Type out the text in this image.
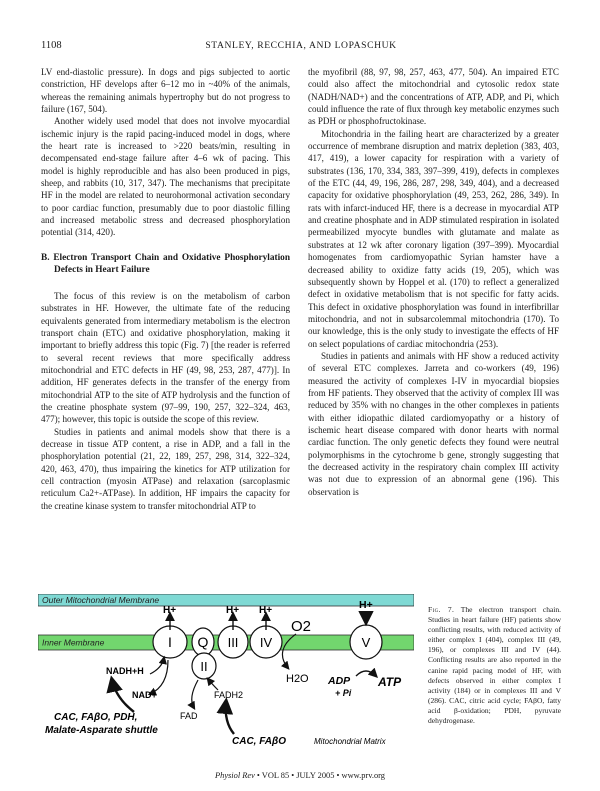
1108	STANLEY, RECCHIA, AND LOPASCHUK

LV end-diastolic pressure). In dogs and pigs subjected to aortic constriction, HF develops after 6–12 mo in ~40% of the animals, whereas the remaining animals hypertrophy but do not progress to failure (167, 504).

Another widely used model that does not involve myocardial ischemic injury is the rapid pacing-induced model in dogs, where the heart rate is increased to >220 beats/min, resulting in decompensated end-stage failure after 4–6 wk of pacing. This model is highly reproducible and has also been produced in pigs, sheep, and rabbits (10, 317, 347). The mechanisms that precipitate HF in the model are related to neurohormonal activation secondary to poor cardiac function, presumably due to poor diastolic filling and increased metabolic stress and decreased phosphorylation potential (314, 420).

B. Electron Transport Chain and Oxidative Phosphorylation Defects in Heart Failure

The focus of this review is on the metabolism of carbon substrates in HF. However, the ultimate fate of the reducing equivalents generated from intermediary metabolism is the electron transport chain (ETC) and oxidative phosphorylation, making it important to briefly address this topic (Fig. 7) [the reader is referred to several recent reviews that more specifically address mitochondrial and ETC defects in HF (49, 98, 253, 287, 477)]. In addition, HF generates defects in the transfer of the energy from mitochondrial ATP to the site of ATP hydrolysis and the function of the creatine phosphate system (97–99, 190, 257, 322–324, 463, 477); however, this topic is outside the scope of this review.

Studies in patients and animal models show that there is a decrease in tissue ATP content, a rise in ADP, and a fall in the phosphorylation potential (21, 22, 189, 257, 298, 314, 322–324, 420, 463, 470), thus impairing the kinetics for ATP utilization for cell contraction (myosin ATPase) and relaxation (sarcoplasmic reticulum Ca2+-ATPase). In addition, HF impairs the capacity for the creatine kinase system to transfer mitochondrial ATP to

the myofibril (88, 97, 98, 257, 463, 477, 504). An impaired ETC could also affect the mitochondrial and cytosolic redox state (NADH/NAD+) and the concentrations of ATP, ADP, and Pi, which could influence the rate of flux through key metabolic enzymes such as PDH or phosphofructokinase.

Mitochondria in the failing heart are characterized by a greater occurrence of membrane disruption and matrix depletion (383, 403, 417, 419), a lower capacity for respiration with a variety of substrates (136, 170, 334, 383, 397–399, 419), defects in complexes of the ETC (44, 49, 196, 286, 287, 298, 349, 404), and a decreased capacity for oxidative phosphorylation (49, 253, 262, 286, 349). In rats with infarct-induced HF, there is a decrease in myocardial ATP and creatine phosphate and in ADP stimulated respiration in isolated permeabilized myocyte bundles with glutamate and malate as substrates at 12 wk after coronary ligation (397–399). Myocardial homogenates from cardiomyopathic Syrian hamster have a decreased ability to oxidize fatty acids (19, 205), which was subsequently shown by Hoppel et al. (170) to reflect a generalized defect in oxidative metabolism that is not specific for fatty acids. This defect in oxidative phosphorylation was found in interfibrillar mitochondria, and not in subsarcolemmal mitochondria (170). To our knowledge, this is the only study to investigate the effects of HF on select populations of cardiac mitochondria (253).

Studies in patients and animals with HF show a reduced activity of several ETC complexes. Jarreta and co-workers (49, 196) measured the activity of complexes I-IV in myocardial biopsies from HF patients. They observed that the activity of complex III was reduced by 35% with no changes in the other complexes in patients with either idiopathic dilated cardiomyopathy or a history of ischemic heart disease compared with donor hearts with normal cardiac function. The only genetic defects they found were neutral polymorphisms in the cytochrome b gene, strongly suggesting that the decreased activity in the respiratory chain complex III activity was not due to expression of an abnormal gene (196). This observation is

Outer Mitochondrial Membrane
Inner Membrane	I Q III IV
II
V
H+	H+ H+	H+
O2
H2O
NADH+H
NAD+
CAC, FAβO, PDH,
Malate-Asparate shuttle
FADH2
FAD
CAC, FAβO
ADP
+ Pi
ATP
Mitochondrial Matrix
Fig. 7. The electron transport chain. Studies in heart failure (HF) patients show conflicting results, with reduced activity of either complex I (404), complex III (49, 196), or complexes III and IV (44). Conflicting results are also reported in the canine rapid pacing model of HF, with defects observed in either complex I activity (184) or in complexes III and V (286). CAC, citric acid cycle; FAβO, fatty acid β-oxidation; PDH, pyruvate dehydrogenase.
Physiol Rev • VOL 85 • JULY 2005 • www.prv.org
